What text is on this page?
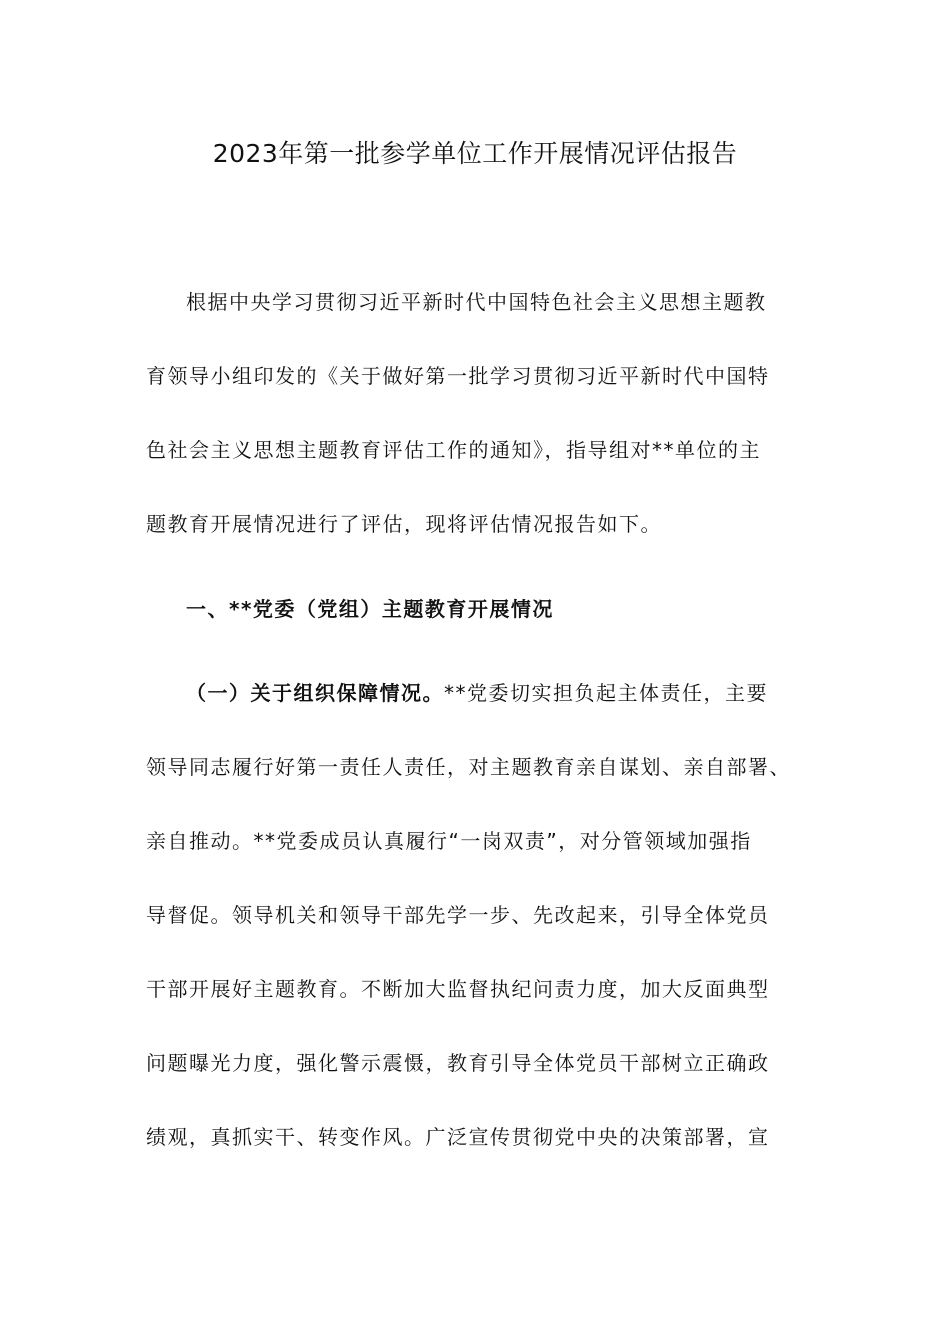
2023年第一批参学单位工作开展情况评估报告
根据中央学习贯彻习近平新时代中国特色社会主义思想主题教
育领导小组印发的《关于做好第一批学习贯彻习近平新时代中国特
色社会主义思想主题教育评估工作的通知》，指导组对**单位的主
题教育开展情况进行了评估，现将评估情况报告如下。
一、**党委（党组）主题教育开展情况
（一）关于组织保障情况。**党委切实担负起主体责任，主要
领导同志履行好第一责任人责任，对主题教育亲自谋划、亲自部署、
亲自推动。**党委成员认真履行“一岗双责”，对分管领域加强指
导督促。领导机关和领导干部先学一步、先改起来，引导全体党员
干部开展好主题教育。不断加大监督执纪问责力度，加大反面典型
问题曝光力度，强化警示震慑，教育引导全体党员干部树立正确政
绩观，真抓实干、转变作风。广泛宣传贯彻党中央的决策部署，宣
